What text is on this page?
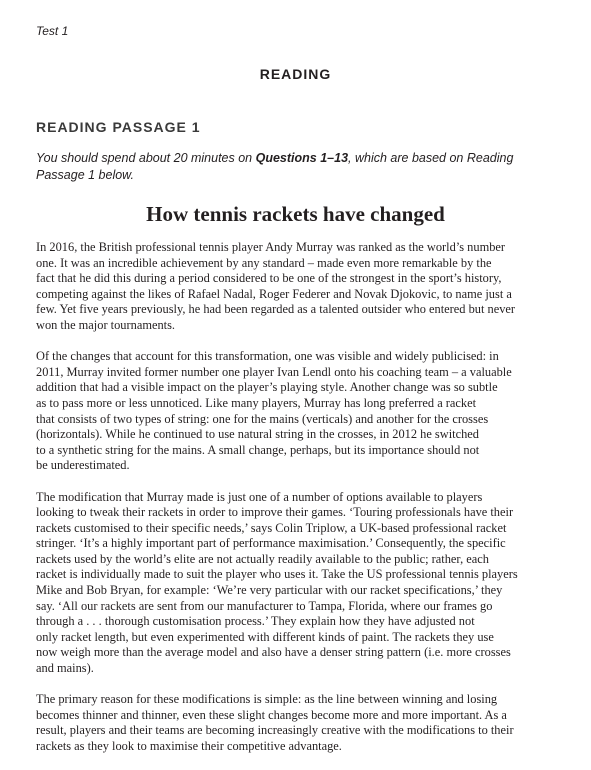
Test 1
READING
READING PASSAGE 1
You should spend about 20 minutes on Questions 1–13, which are based on Reading
Passage 1 below.
How tennis rackets have changed
In 2016, the British professional tennis player Andy Murray was ranked as the world’s number
one. It was an incredible achievement by any standard – made even more remarkable by the
fact that he did this during a period considered to be one of the strongest in the sport’s history,
competing against the likes of Rafael Nadal, Roger Federer and Novak Djokovic, to name just a
few. Yet five years previously, he had been regarded as a talented outsider who entered but never
won the major tournaments.
Of the changes that account for this transformation, one was visible and widely publicised: in
2011, Murray invited former number one player Ivan Lendl onto his coaching team – a valuable
addition that had a visible impact on the player’s playing style. Another change was so subtle
as to pass more or less unnoticed. Like many players, Murray has long preferred a racket
that consists of two types of string: one for the mains (verticals) and another for the crosses
(horizontals). While he continued to use natural string in the crosses, in 2012 he switched
to a synthetic string for the mains. A small change, perhaps, but its importance should not
be underestimated.
The modification that Murray made is just one of a number of options available to players
looking to tweak their rackets in order to improve their games. ‘Touring professionals have their
rackets customised to their specific needs,’ says Colin Triplow, a UK-based professional racket
stringer. ‘It’s a highly important part of performance maximisation.’ Consequently, the specific
rackets used by the world’s elite are not actually readily available to the public; rather, each
racket is individually made to suit the player who uses it. Take the US professional tennis players
Mike and Bob Bryan, for example: ‘We’re very particular with our racket specifications,’ they
say. ‘All our rackets are sent from our manufacturer to Tampa, Florida, where our frames go
through a . . . thorough customisation process.’ They explain how they have adjusted not
only racket length, but even experimented with different kinds of paint. The rackets they use
now weigh more than the average model and also have a denser string pattern (i.e. more crosses
and mains).
The primary reason for these modifications is simple: as the line between winning and losing
becomes thinner and thinner, even these slight changes become more and more important. As a
result, players and their teams are becoming increasingly creative with the modifications to their
rackets as they look to maximise their competitive advantage.
